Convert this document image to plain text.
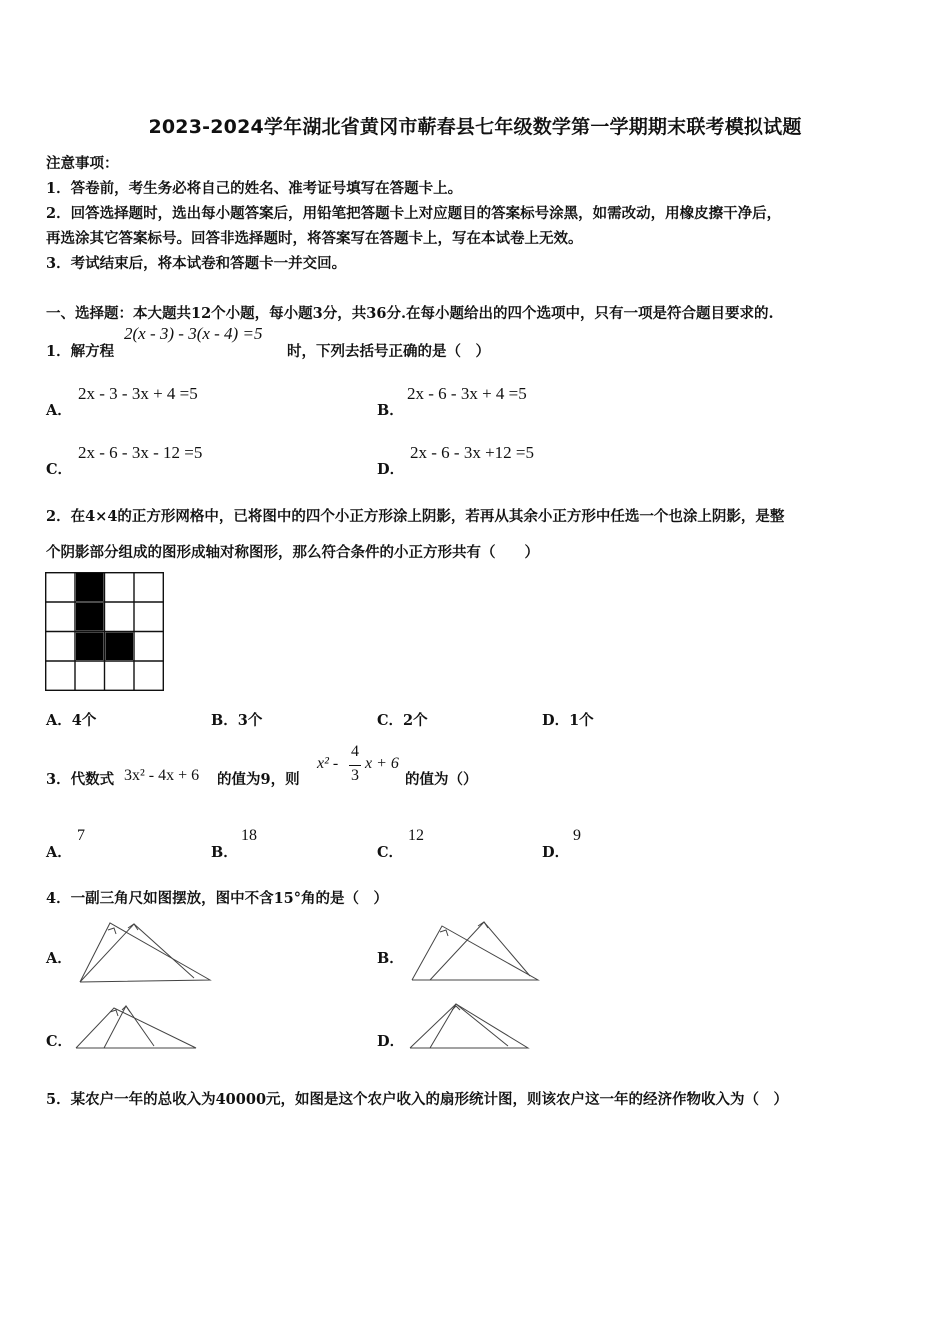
2023-2024学年湖北省黄冈市蕲春县七年级数学第一学期期末联考模拟试题
注意事项：
1．答卷前，考生务必将自己的姓名、准考证号填写在答题卡上。
2．回答选择题时，选出每小题答案后，用铅笔把答题卡上对应题目的答案标号涂黑，如需改动，用橡皮擦干净后，
再选涂其它答案标号。回答非选择题时，将答案写在答题卡上，写在本试卷上无效。
3．考试结束后，将本试卷和答题卡一并交回。
一、选择题：本大题共12个小题，每小题3分，共36分.在每小题给出的四个选项中，只有一项是符合题目要求的.
1．解方程
2(x - 3) - 3(x - 4) =5
时，下列去括号正确的是（　）
A．
2x - 3 - 3x + 4 =5
B．
2x - 6 - 3x + 4 =5
C．
2x - 6 - 3x - 12 =5
D．
2x - 6 - 3x +12 =5
2．在4×4的正方形网格中，已将图中的四个小正方形涂上阴影，若再从其余小正方形中任选一个也涂上阴影，是整
个阴影部分组成的图形成轴对称图形，那么符合条件的小正方形共有（　　）
A．4个	B．3个	C．2个	D．1个
3．代数式 3x² - 4x + 6 的值为9，则
x² -
4
3
x + 6
的值为（）
A．
7
B．
18
C．
12
D．
9
4．一副三角尺如图摆放，图中不含15°角的是（　）
A．	B．
C．	D．
5．某农户一年的总收入为40000元，如图是这个农户收入的扇形统计图，则该农户这一年的经济作物收入为（　）
